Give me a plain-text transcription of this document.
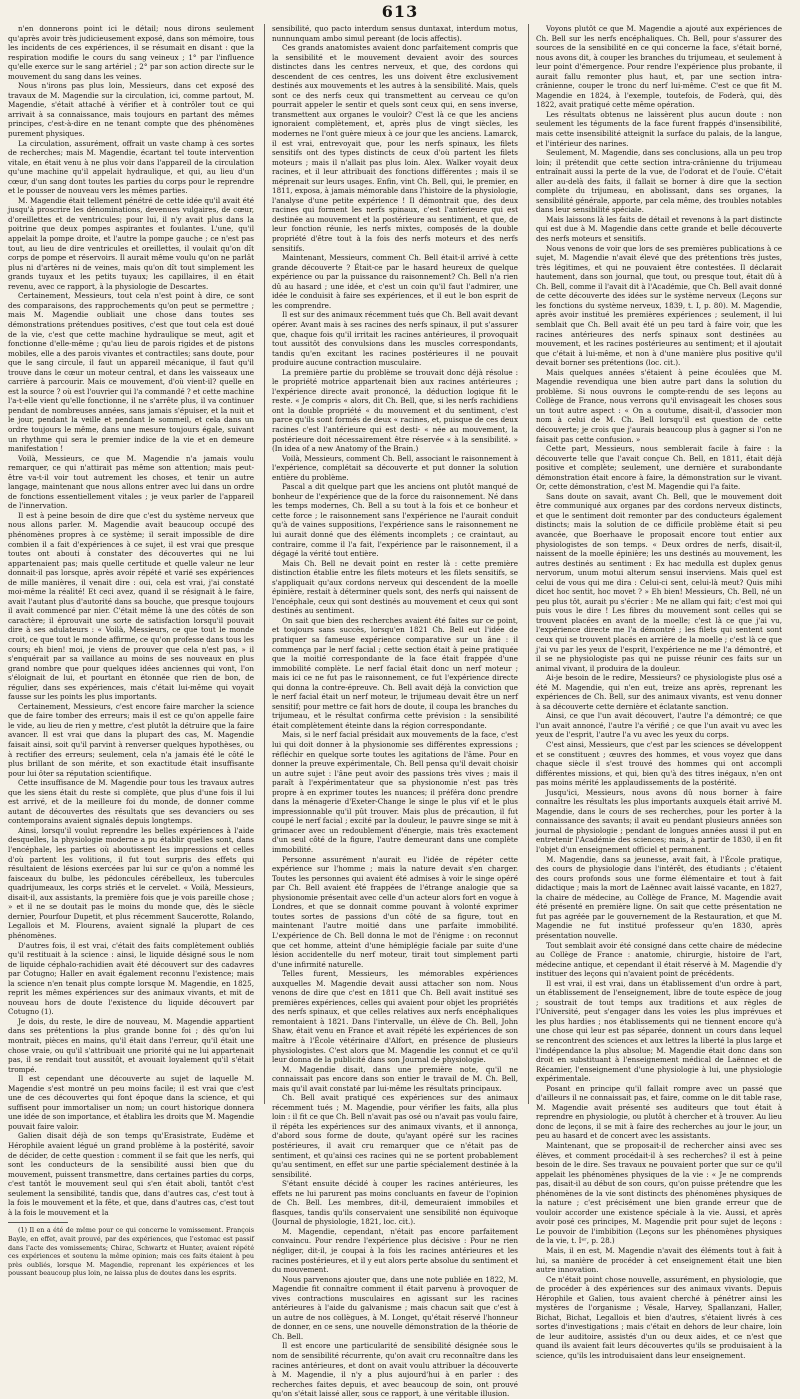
613

n'en donnerons point ici le détail; nous dirons seulement qu'après avoir très judicieusement exposé, dans son mémoire, tous les incidents de ces expériences, il se résumait en disant : que la respiration modifie le cours du sang veineux ; 1° par l'influence qu'elle exerce sur le sang artériel ; 2° par son action directe sur le mouvement du sang dans les veines.

Nous n'irons pas plus loin, Messieurs, dans cet exposé des travaux de M. Magendie sur la circulation, ici, comme partout, M. Magendie, s'était attaché à vérifier et à contrôler tout ce qui arrivait à sa connaissance, mais toujours en partant des mêmes principes, c'est-à-dire en ne tenant compte que des phénomènes purement physiques.

La circulation, assurément, offrait un vaste champ à ces sortes de recherches; mais M. Magendie, écartant tel toute intervention vitale, en était venu à ne plus voir dans l'appareil de la circulation qu'une machine qu'il appelait hydraulique, et qui, au lieu d'un cœur, d'un sang dont toutes les parties du corps pour le reprendre et le pousser de nouveau vers les mêmes parties.

M. Magendie était tellement pénétré de cette idée qu'il avait été jusqu'à proscrire les dénominations, devenues vulgaires, de cœur, d'oreillettes et de ventricules; pour lui, il n'y avait plus dans la poitrine que deux pompes aspirantes et foulantes. L'une, qu'il appelait la pompe droite, et l'autre la pompe gauche ; ce n'est pas tout, au lieu de dire ventricules et oreillettes, il voulait qu'on dît corps de pompe et réservoirs. Il aurait même voulu qu'on ne parlât plus ni d'artères ni de veines, mais qu'on dît tout simplement les grands tuyaux et les petits tuyaux; les capillaires, il en était revenu, avec ce rapport, à la physiologie de Descartes.

Certainement, Messieurs, tout cela n'est point à dire, ce sont des comparaisons, des rapprochements qu'on peut se permettre ; mais M. Magendie oubliait une chose dans toutes ses démonstrations prétendues positives, c'est que tout cela est doué de la vie, c'est que cette machine hydraulique se meut, agit et fonctionne d'elle-même ; qu'au lieu de parois rigides et de pistons mobiles, elle a des parois vivantes et contractiles; sans doute, pour que le sang circule, il faut un appareil mécanique, il faut qu'il trouve dans le cœur un moteur central, et dans les vaisseaux une carrière à parcourir. Mais ce mouvement, d'où vient-il? quelle en est la source ? où est l'ouvrier qui l'a commandé ? et cette machine l'a-t-elle vient qu'elle fonctionne, il ne s'arrête plus, il va continuer pendant de nombreuses années, sans jamais s'épuiser, et la nuit et le jour, pendant la veille et pendant le sommeil, et cela dans un ordre toujours le même, dans une mesure toujours égale, suivant un rhythme qui sera le premier indice de la vie et en demeure manifestation !

Voilà, Messieurs, ce que M. Magendie n'a jamais voulu remarquer, ce qui n'attirait pas même son attention; mais peut-être va-t-il voir tout autrement les choses, et tenir un autre langage, maintenant que nous allons entrer avec lui dans un ordre de fonctions essentiellement vitales ; je veux parler de l'appareil de l'innervation.

Il est à peine besoin de dire que c'est du système nerveux que nous allons parler. M. Magendie avait beaucoup occupé des phénomènes propres à ce système; il serait impossible de dire combien il a fait d'expériences à ce sujet, il est vrai que presque toutes ont abouti à constater des découvertes qui ne lui appartenaient pas; mais quelle certitude et quelle valeur ne leur donnait-il pas lorsque, après avoir répété et varié ses expériences de mille manières, il venait dire : oui, cela est vrai, j'ai constaté moi-même la réalité! Et ceci avez, quand il se résignait à le faire, avait l'autant plus d'autorité dans sa bouche, que presque toujours il avait commencé par nier. C'était même là une des côtés de son caractère; il éprouvait une sorte de satisfaction lorsqu'il pouvait dire à ses adulateurs : « Voilà, Messieurs, ce que tout le monde croit, ce que tout le monde affirme, ce qu'on professe dans tous les cours; eh bien! moi, je viens de prouver que cela n'est pas, » il s'enquérait par sa vaillance au moins de ses nouveaux en plus grand nombre que pour quelques idées anciennes qui vont, l'on s'éloignait de lui, et pourtant en étonnée que rien de bon, de régulier, dans ses expériences, mais c'était lui-même qui voyait fausse sur les points les plus importants.

Certainement, Messieurs, c'est encore faire marcher la science que de faire tomber des erreurs; mais il est ce qu'on appelle faire le vide, au lieu de rien y mettre, c'est plutôt la détruire que la faire avancer. Il est vrai que dans la plupart des cas, M. Magendie faisait ainsi, soit qu'il parvint à renverser quelques hypothèses, ou à rectifier des erreurs; seulement, cela n'a jamais été le côté le plus brillant de son mérite, et son exactitude était insuffisante pour lui ôter sa réputation scientifique.

Cette insuffisance de M. Magendie pour tous les travaux autres que les siens était du reste si complète, que plus d'une fois il lui est arrivé, et de la meilleure foi du monde, de donner comme autant de découvertes des résultats que ses devanciers ou ses contemporains avaient signalés depuis longtemps.

Ainsi, lorsqu'il voulut reprendre les belles expériences à l'aide desquelles, la physiologie moderne a pu établir quelles sont, dans l'encéphale, les parties où aboutissent les impressions et celles d'où partent les volitions, il fut tout surpris des effets qui résultaient de lésions exercées par lui sur ce qu'on a nommé les faisceaux du bulbe, les pédoncules cérébelleux, les tubercules quadrijumeaux, les corps striés et le cervelet. « Voilà, Messieurs, disait-il, aux assistants, la première fois que je vois pareille chose ; » et il ne se doutait pas le moins du monde que, dès le siècle dernier, Pourfour Dupetit, et plus récemment Saucerotte, Rolando, Legallois et M. Flourens, avaient signalé la plupart de ces phénomènes.

D'autres fois, il est vrai, c'était des faits complètement oubliés qu'il restituait à la science : ainsi, le liquide désigné sous le nom de liquide céphalo-rachidien avait été découvert sur des cadavres par Cotugno; Haller en avait également reconnu l'existence; mais la science n'en tenait plus compte lorsque M. Magendie, en 1825, reprit les mêmes expériences sur des animaux vivants, et mit de nouveau hors de doute l'existence du liquide découvert par Cotugno (1).

Je dois, du reste, le dire de nouveau, M. Magendie appartient dans ses prétentions la plus grande bonne foi ; dès qu'on lui montrait, pièces en mains, qu'il était dans l'erreur, qu'il était une chose vraie, ou qu'il s'attribuait une priorité qui ne lui appartenait pas, il se rendait tout aussitôt, et avouait loyalement qu'il s'était trompé.

Il est cependant une découverte au sujet de laquelle M. Magendie s'est montré un peu moins facile; il est vrai que c'est une de ces découvertes qui font époque dans la science, et qui suffisent pour immortaliser un nom; un court historique donnera une idée de son importance, et établira les droits que M. Magendie pouvait faire valoir.

Galien disait déjà de son temps qu'Erasistrate, Eudème et Hérophile avaient légué un grand problème à la postérité, savoir de décider, de cette question : comment il se fait que les nerfs, qui sont les conducteurs de la sensibilité aussi bien que du mouvement, puissent transmettre, dans certaines parties du corps, c'est tantôt le mouvement seul qui s'en était aboli, tantôt c'est seulement la sensibilité, tandis que, dans d'autres cas, c'est tout à la fois le mouvement et la fête, et que, dans d'autres cas, c'est tout à la fois le mouvement et la

(1) Il en a été de même pour ce qui concerne le vomissement. François Bayle, en effet, avait prouvé, par des expériences, que l'estomac est passif dans l'acte des vomissements; Chirac, Schwartz et Hunter, avaient répété ces expériences et soutenu la même opinion; mais ces faits étaient à peu près oubliés, lorsque M. Magendie, reprenant les expériences et les poussant beaucoup plus loin, ne laissa plus de doutes dans les esprits.

sensibilité, quo pacto interdum sensus duntaxat, interdum motus, nunnunquam ambo simul pereant (de locis affectis).

Ces grands anatomistes avaient donc parfaitement compris que la sensibilité et le mouvement devaient avoir des sources distinctes dans les centres nerveux, et que, des cordons qui descendent de ces centres, les uns doivent être exclusivement destinés aux mouvements et les autres à la sensibilité. Mais, quels sont ce des nerfs ceux qui transmettent au cerveau ce qu'on pourrait appeler le sentir et quels sont ceux qui, en sens inverse, transmettent aux organes le vouloir? C'est là ce que les anciens ignoraient complètement, et, après plus de vingt siècles, les modernes ne l'ont guère mieux à ce jour que les anciens. Lamarck, il est vrai, entrevoyait que, pour les nerfs spinaux, les filets sensitifs ont des types distincts de ceux d'où partent les filets moteurs ; mais il n'allait pas plus loin. Alex. Walker voyait deux racines, et il leur attribuait des fonctions différentes ; mais il se méprenait sur leurs usages. Enfin, vint Ch. Bell, qui, le premier, en 1811, exposa, à jamais mémorable dans l'histoire de la physiologie, l'analyse d'une petite expérience ! Il démontrait que, des deux racines qui forment les nerfs spinaux, c'est l'antérieure qui est destinée au mouvement et la postérieure au sentiment, et que, de leur fonction réunie, les nerfs mixtes, composés de la double propriété d'être tout à la fois des nerfs moteurs et des nerfs sensitifs.

Maintenant, Messieurs, comment Ch. Bell était-il arrivé à cette grande découverte ? Était-ce par le hasard heureux de quelque expérience ou par la puissance du raisonnement? Ch. Bell n'a rien dû au hasard ; une idée, et c'est un coin qu'il faut l'admirer, une idée le conduisit à faire ses expériences, et il eut le bon esprit de les comprendre.

Il est sur des animaux récemment tués que Ch. Bell avait devant opérer. Avant mais à ses racines des nerfs spinaux, il put s'assurer que, chaque fois qu'il irritait les racines antérieures, il provoquait tout aussitôt des convulsions dans les muscles correspondants, tandis qu'en excitant les racines postérieures il ne pouvait produire aucune contraction musculaire.

La première partie du problème se trouvait donc déjà résolue : le propriété motrice appartenait bien aux racines antérieures ; l'expérience directe avait prononcé, la déduction logique fit le reste. « Je compris « alors, dit Ch. Bell, que, si les nerfs rachidiens ont la double propriété « du mouvement et du sentiment, c'est parce qu'ils sont formés de deux « racines, et, puisque de ces deux racines c'est l'antérieure qui est desti- « née au mouvement, la postérieure doit nécessairement être réservée « à la sensibilité. » (In idea of a new Anatomy of the Brain.)

Voilà, Messieurs, comment Ch. Bell, associant le raisonnement à l'expérience, complétait sa découverte et put donner la solution entière du problème.

Pascal a dit quelque part que les anciens ont plutôt manqué de bonheur de l'expérience que de la force du raisonnement. Né dans les temps modernes, Ch. Bell a su tout à la fois et ce bonheur et cette force ; le raisonnement sans l'expérience ne l'aurait conduit qu'à de vaines suppositions, l'expérience sans le raisonnement ne lui aurait donné que des éléments incomplets ; ce craintaut, au contraire, comme il l'a fait, l'expérience par le raisonnement, il a dégagé la vérité tout entière.

Mais Ch. Bell ne devait point en rester là : cette première distinction établie entre les filets moteurs et les filets sensitifs, se s'appliquait qu'aux cordons nerveux qui descendent de la moelle épinière, restait à déterminer quels sont, des nerfs qui naissent de l'encéphale, ceux qui sont destinés au mouvement et ceux qui sont destinés au sentiment.

On sait que bien des recherches avaient été faites sur ce point, et toujours sans succès, lorsqu'en 1821 Ch. Bell eut l'idée de pratiquer sa fameuse expérience comparative sur un âne : il commença par le nerf facial ; cette section était à peine pratiquée que la moitié correspondante de la face était frappée d'une immobilité complète. Le nerf facial était donc un nerf moteur ; mais ici ce ne fut pas le raisonnement, ce fut l'expérience directe qui donna la contre-épreuve. Ch. Bell avait déjà la conviction que le nerf facial était un nerf moteur, le trijumeau devait être un nerf sensitif; pour mettre ce fait hors de doute, il coupa les branches du trijumeau, et le résultat confirma cette prévision : la sensibilité était complètement éteinte dans la région correspondante.

Mais, si le nerf facial présidait aux mouvements de la face, c'est lui qui doit donner à la physionomie ses différentes expressions ; réfléchir en quelque sorte toutes les agitations de l'âme. Pour en donner la preuve expérimentale, Ch. Bell pensa qu'il devait choisir un autre sujet : l'âne peut avoir des passions très vives ; mais il paraît à l'expérimentateur que sa physionomie n'est pas très propre à en exprimer toutes les nuances; il préféra donc prendre dans la ménagerie d'Exeter-Change le singe le plus vif et le plus impressionnable qu'il pût trouver. Mais plus de précaution, il fut coupé le nerf facial ; excité par la douleur, le pauvre singe se mit à grimacer avec un redoublement d'énergie, mais très exactement d'un seul côté de la figure, l'autre demeurant dans une complète immobilité.

Personne assurément n'aurait eu l'idée de répéter cette expérience sur l'homme ; mais la nature devait s'en charger. Toutes les personnes qui avaient été admises à voir le singe opéré par Ch. Bell avaient été frappées de l'étrange analogie que sa physionomie présentait avec celle d'un acteur alors fort en vogue à Londres, et que se donnait comme pouvant à volonté exprimer toutes sortes de passions d'un côté de sa figure, tout en maintenant l'autre moitié dans une parfaite immobilité. L'expérience de Ch. Bell donna le mot de l'énigme : on reconnut que cet homme, atteint d'une hémiplégie faciale par suite d'une lésion accidentelle du nerf moteur, tirait tout simplement parti d'une infirmité naturelle.

Telles furent, Messieurs, les mémorables expériences auxquelles M. Magendie devait aussi attacher son nom. Nous venons de dire que c'est en 1811 que Ch. Bell avait institué ses premières expériences, celles qui avaient pour objet les propriétés des nerfs spinaux, et que celles relatives aux nerfs encéphaliques remontaient à 1821. Dans l'intervalle, un élève de Ch. Bell, John Shaw, était venu en France et avait répété les expériences de son maître à l'École vétérinaire d'Alfort, en présence de plusieurs physiologistes. C'est alors que M. Magendie les connut et ce qu'il leur donna de la publicité dans son Journal de physiologie.

M. Magendie disait, dans une première note, qu'il ne connaissait pas encore dans son entier le travail de M. Ch. Bell, mais qu'il avait constaté par lui-même les résultats principaux.

Ch. Bell avait pratiqué ces expériences sur des animaux récemment tués ; M. Magendie, pour vérifier les faits, alla plus loin : il fit ce que Ch. Bell n'avait pas osé ou n'avait pas voulu faire, il répéta les expériences sur des animaux vivants, et il annonça, d'abord sous forme de doute, qu'ayant opéré sur les racines postérieures, il avait cru remarquer que ce n'était pas de sentiment, et qu'ainsi ces racines qui ne se portent probablement qu'au sentiment, en effet sur une partie spécialement destinée à la sensibilité.

S'étant ensuite décidé à couper les racines antérieures, les effets ne lui parurent pas moins concluants en faveur de l'opinion de Ch. Bell. Les membres, dit-il, demeuraient immobiles et flasques, tandis qu'ils conservaient une sensibilité non équivoque (Journal de physiologie, 1821, loc. cit.).

M. Magendie, cependant, n'était pas encore parfaitement convaincu. Pour rendre l'expérience plus décisive : Pour ne rien négliger, dit-il, je coupai à la fois les racines antérieures et les racines postérieures, et il y eut alors perte absolue du sentiment et du mouvement.

Nous parvenons ajouter que, dans une note publiée en 1822, M. Magendie fit connaître comment il était parvenu à provoquer de vives contractions musculaires en agissant sur les racines antérieures à l'aide du galvanisme ; mais chacun sait que c'est à un autre de nos collègues, à M. Longet, qu'était réservé l'honneur de donner, en ce sens, une nouvelle démonstration de la théorie de Ch. Bell.

Il est encore une particularité de sensibilité désignée sous le nom de sensibilité récurrente, qu'on avait cru reconnaître dans les racines antérieures, et dont on avait voulu attribuer la découverte à M. Magendie, il n'y a plus aujourd'hui à en parler : des recherches faites depuis, et avec beaucoup de soin, ont prouvé qu'on s'était laissé aller, sous ce rapport, à une véritable illusion.

Voyons plutôt ce que M. Magendie a ajouté aux expériences de Ch. Bell sur les nerfs encéphaliques. Ch. Bell, pour s'assurer des sources de la sensibilité en ce qui concerne la face, s'était borné, nous avons dit, à couper les branches du trijumeau, et seulement à leur point d'émergence. Pour rendre l'expérience plus probante, il aurait fallu remonter plus haut, et, par une section intra-crânienne, couper le tronc du nerf lui-même. C'est ce que fit M. Magendie en 1824, à l'exemple, toutefois, de Foderà, qui, dès 1822, avait pratiqué cette même opération.

Les résultats obtenus ne laissèrent plus aucun doute : non seulement les téguments de la face furent frappés d'insensibilité, mais cette insensibilité atteignit la surface du palais, de la langue, et l'intérieur des narines.

Seulement, M. Magendie, dans ses conclusions, alla un peu trop loin; il prétendit que cette section intra-crânienne du trijumeau entraînait aussi la perte de la vue, de l'odorat et de l'ouïe. C'était aller au-delà des faits, il fallait se borner à dire que la section complète du trijumeau, en abolissant, dans ses organes, la sensibilité générale, apporte, par cela même, des troubles notables dans leur sensibilité spéciale.

Mais laissons là les faits de détail et revenons à la part distincte qui est due à M. Magendie dans cette grande et belle découverte des nerfs moteurs et sensitifs.

Nous venons de voir que lors de ses premières publications à ce sujet, M. Magendie n'avait élevé que des prétentions très justes, très légitimes, et qui ne pouvaient être contestées. Il déclarait hautement, dans son journal, que tout, ou presque tout, était dû à Ch. Bell, comme il l'avait dit à l'Académie, que Ch. Bell avait donné de cette découverte des idées sur le système nerveux (Leçons sur les fonctions du système nerveux, 1839, t. I, p. 80). M. Magendie, après avoir institué les premières expériences ; seulement, il lui semblait que Ch. Bell avait été un peu tard à faire voir, que les racines antérieures des nerfs spinaux sont destinées au mouvement, et les racines postérieures au sentiment; et il ajoutait que c'était à lui-même, et non à d'une manière plus positive qu'il devait borner ses prétentions (loc. cit.).

Mais quelques années s'étaient à peine écoulées que M. Magendie revendiqua une bien autre part dans la solution du problème. Si nous ouvrons le compte-rendu de ses leçons au Collège de France, nous verrons qu'il envisageait les choses sous un tout autre aspect : « On a coutume, disait-il, d'associer mon nom à celui de M. Ch. Bell lorsqu'il est question de cette découverte; je crois que j'aurais beaucoup plus à gagner si l'on ne faisait pas cette confusion. »

Cette part, Messieurs, nous semblerait facile à faire : la découverte telle que l'avait conçue Ch. Bell, en 1811, était déjà positive et complète; seulement, une dernière et surabondante démonstration était encore à faire, la démonstration sur le vivant. Or, cette démonstration, c'est M. Magendie qui l'a faite.

Sans doute on savait, avant Ch. Bell, que le mouvement doit être communiqué aux organes par des cordons nerveux distincts, et que le sentiment doit remonter par des conducteurs également distincts; mais la solution de ce difficile problème était si peu avancée, que Boerhaave le proposait encore tout entier aux physiologistes de son temps. « Deux ordres de nerfs, disait-il, naissent de la moelle épinière; les uns destinés au mouvement, les autres destinés au sentiment : Ex hac medulla est duplex genus nervorum, unum motui alterum sensui inserviens. Mais quel est celui de vous qui me dira : Celui-ci sent, celui-là meut? Quis mihi dicet hoc sentit, hoc movet ? » Eh bien! Messieurs, Ch. Bell, né un peu plus tôt, aurait pu s'écrier : Me ne allam qui fait; c'est moi qui puis vous le dire ! Les fibres du mouvement sont celles qui se trouvent placées en avant de la moelle; c'est là ce que j'ai vu, l'expérience directe me l'a démontré ; les filets qui sentent sont ceux qui se trouvent placés en arrière de la moelle ; c'est là ce que j'ai vu par les yeux de l'esprit, l'expérience ne me l'a démontré, et il se ne physiologiste pas qui ne puisse réunir ces faits sur un animal vivant, il produira de la douleur.

Ai-je besoin de le redire, Messieurs? ce physiologiste plus osé a été M. Magendie, qui n'en eut, treize ans après, reprenant les expériences de Ch. Bell, sur des animaux vivants, est venu donner à sa découverte cette dernière et éclatante sanction.

Ainsi, ce que l'un avait découvert, l'autre l'a démontré; ce que l'un avait annoncé, l'autre l'a vérifié ; ce que l'un avait vu avec les yeux de l'esprit, l'autre l'a vu avec les yeux du corps.

C'est ainsi, Messieurs, que c'est par les sciences se développent et se constituent ; œuvres des hommes, et vous voyez que dans chaque siècle il s'est trouvé des hommes qui ont accompli différentes missions, et qui, bien qu'à des titres inégaux, n'en ont pas moins mérité les applaudissements de la postérité.

Jusqu'ici, Messieurs, nous avons dû nous borner à faire connaître les résultats les plus importants auxquels était arrivé M. Magendie, dans le cours de ses recherches, pour les porter à la connaissance des savants; il avait eu pendant plusieurs années son journal de physiologie ; pendant de longues années aussi il put en entretenir l'Académie des sciences; mais, à partir de 1830, il en fit l'objet d'un enseignement officiel et permanent.

M. Magendie, dans sa jeunesse, avait fait, à l'École pratique, des cours de physiologie dans l'intérêt, des étudiants ; c'étaient des cours profonds sous une forme élémentaire et tout à fait didactique ; mais la mort de Laënnec avait laissé vacante, en 1827, la chaire de médecine, au Collège de France, M. Magendie avait été présenté en première ligne. On sait que cette présentation ne fut pas agréée par le gouvernement de la Restauration, et que M. Magendie ne fut institué professeur qu'en 1830, après présentation nouvelle.

Tout semblait avoir été consigné dans cette chaire de médecine au Collège de France : anatomie, chirurgie, histoire de l'art, médecine antique, et cependant il était réservé à M. Magendie d'y instituer des leçons qui n'avaient point de précédents.

Il est vrai, il est vrai, dans un établissement d'un ordre à part, un établissement de l'enseignement, libre de toute espèce de joug ; soustrait de tout temps aux traditions et aux règles de l'Université, peut s'engager dans les voies les plus imprévues et les plus hardies ; nos établissements qui ne tiennent encore qu'à une chose qui leur est pas séparée, donnent un cours dans lequel se rencontrent des sciences et aux lettres la liberté la plus large et l'indépendance la plus absolue; M. Magendie était donc dans son droit en substituant à l'enseignement médical de Laënnec et de Récamier, l'enseignement d'une physiologie à lui, une physiologie expérimentale.

Posant en principe qu'il fallait rompre avec un passé que d'ailleurs il ne connaissait pas, et faire, comme on le dit table rase, M. Magendie avait présenté ses auditeurs que tout était à reprendre en physiologie, ou plutôt à chercher et à trouver. Au lieu donc de leçons, il se mit à faire des recherches au jour le jour, un peu au hasard et de concert avec les assistants.

Maintenant, que se proposait-il de rechercher ainsi avec ses élèves, et comment procédait-il à ses recherches? il est à peine besoin de le dire. Ses travaux ne pouvaient porter que sur ce qu'il appelait les phénomènes physiques de la vie : « Je ne comprends pas, disait-il au début de son cours, qu'on puisse prétendre que les phénomènes de la vie sont distincts des phénomènes physiques de la nature ; c'est précisément une bien grande erreur que de vouloir accorder une existence spéciale à la vie. Aussi, et après avoir posé ces principes, M. Magendie prit pour sujet de leçons : Le pouvoir de l'imbibition (Leçons sur les phénomènes physiques de la vie, t. Iᵉʳ, p. 28.)

Mais, il en est, M. Magendie n'avait des éléments tout à fait à lui, sa manière de procéder à cet enseignement était une bien autre innovation.

Ce n'était point chose nouvelle, assurément, en physiologie, que de procéder à des expériences sur des animaux vivants. Depuis Hérophile et Galien, tous avaient cherché à pénétrer ainsi les mystères de l'organisme ; Vésale, Harvey, Spallanzani, Haller, Bichat, Bichat, Legallois et bien d'autres, s'étaient livrés à ces sortes d'investigations ; mais c'était en dehors de leur chaire, loin de leur auditoire, assistés d'un ou deux aides, et ce n'est que quand ils avaient fait leurs découvertes qu'ils se produisaient à la science, qu'ils les introduisaient dans leur enseignement.
